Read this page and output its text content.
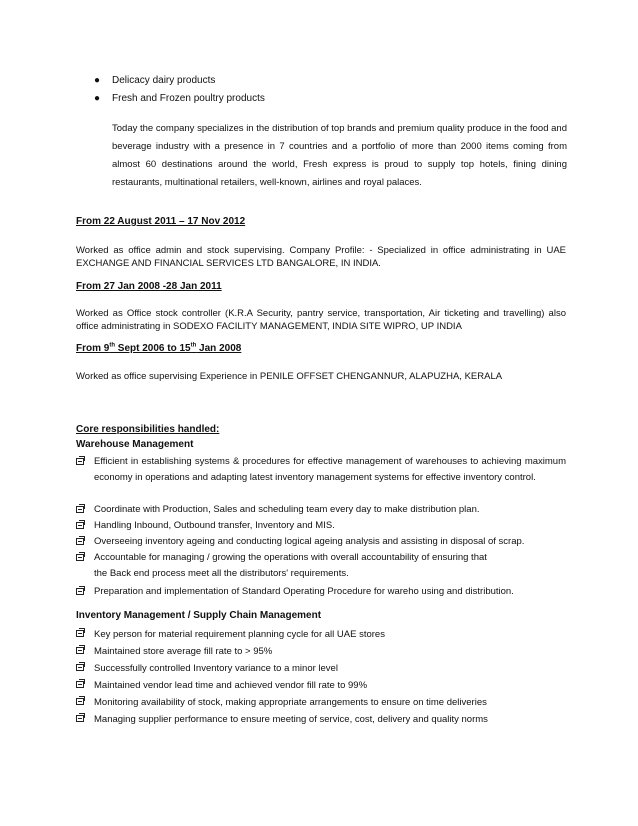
● Delicacy dairy products
● Fresh and Frozen poultry products
Today the company specializes in the distribution of top brands and premium quality produce in the food and beverage industry with a presence in 7 countries and a portfolio of more than 2000 items coming from almost 60 destinations around the world, Fresh express is proud to supply top hotels, fining dining restaurants, multinational retailers, well-known, airlines and royal palaces.
From 22 August 2011 – 17 Nov 2012
Worked as office admin and stock supervising. Company Profile: - Specialized in office administrating in UAE EXCHANGE AND FINANCIAL SERVICES LTD BANGALORE, IN INDIA.
From 27 Jan 2008 -28 Jan 2011
Worked as Office stock controller (K.R.A Security, pantry service, transportation, Air ticketing and travelling) also office administrating in SODEXO FACILITY MANAGEMENT, INDIA SITE WIPRO, UP INDIA
From 9th Sept 2006 to 15th Jan 2008
Worked as office supervising Experience in PENILE OFFSET CHENGANNUR, ALAPUZHA, KERALA
Core responsibilities handled:
Warehouse Management
Efficient in establishing systems & procedures for effective management of warehouses to achieving maximum economy in operations and adapting latest inventory management systems for effective inventory control.
Coordinate with Production, Sales and scheduling team every day to make distribution plan.
Handling Inbound, Outbound transfer, Inventory and MIS.
Overseeing inventory ageing and conducting logical ageing analysis and assisting in disposal of scrap.
Accountable for managing / growing the operations with overall accountability of ensuring that the Back end process meet all the distributors' requirements.
Preparation and implementation of Standard Operating Procedure for wareho using and distribution.
Inventory Management / Supply Chain Management
Key person for material requirement planning cycle for all UAE stores
Maintained store average fill rate to > 95%
Successfully controlled Inventory variance to a minor level
Maintained vendor lead time and achieved vendor fill rate to 99%
Monitoring availability of stock, making appropriate arrangements to ensure on time deliveries
Managing supplier performance to ensure meeting of service, cost, delivery and quality norms
